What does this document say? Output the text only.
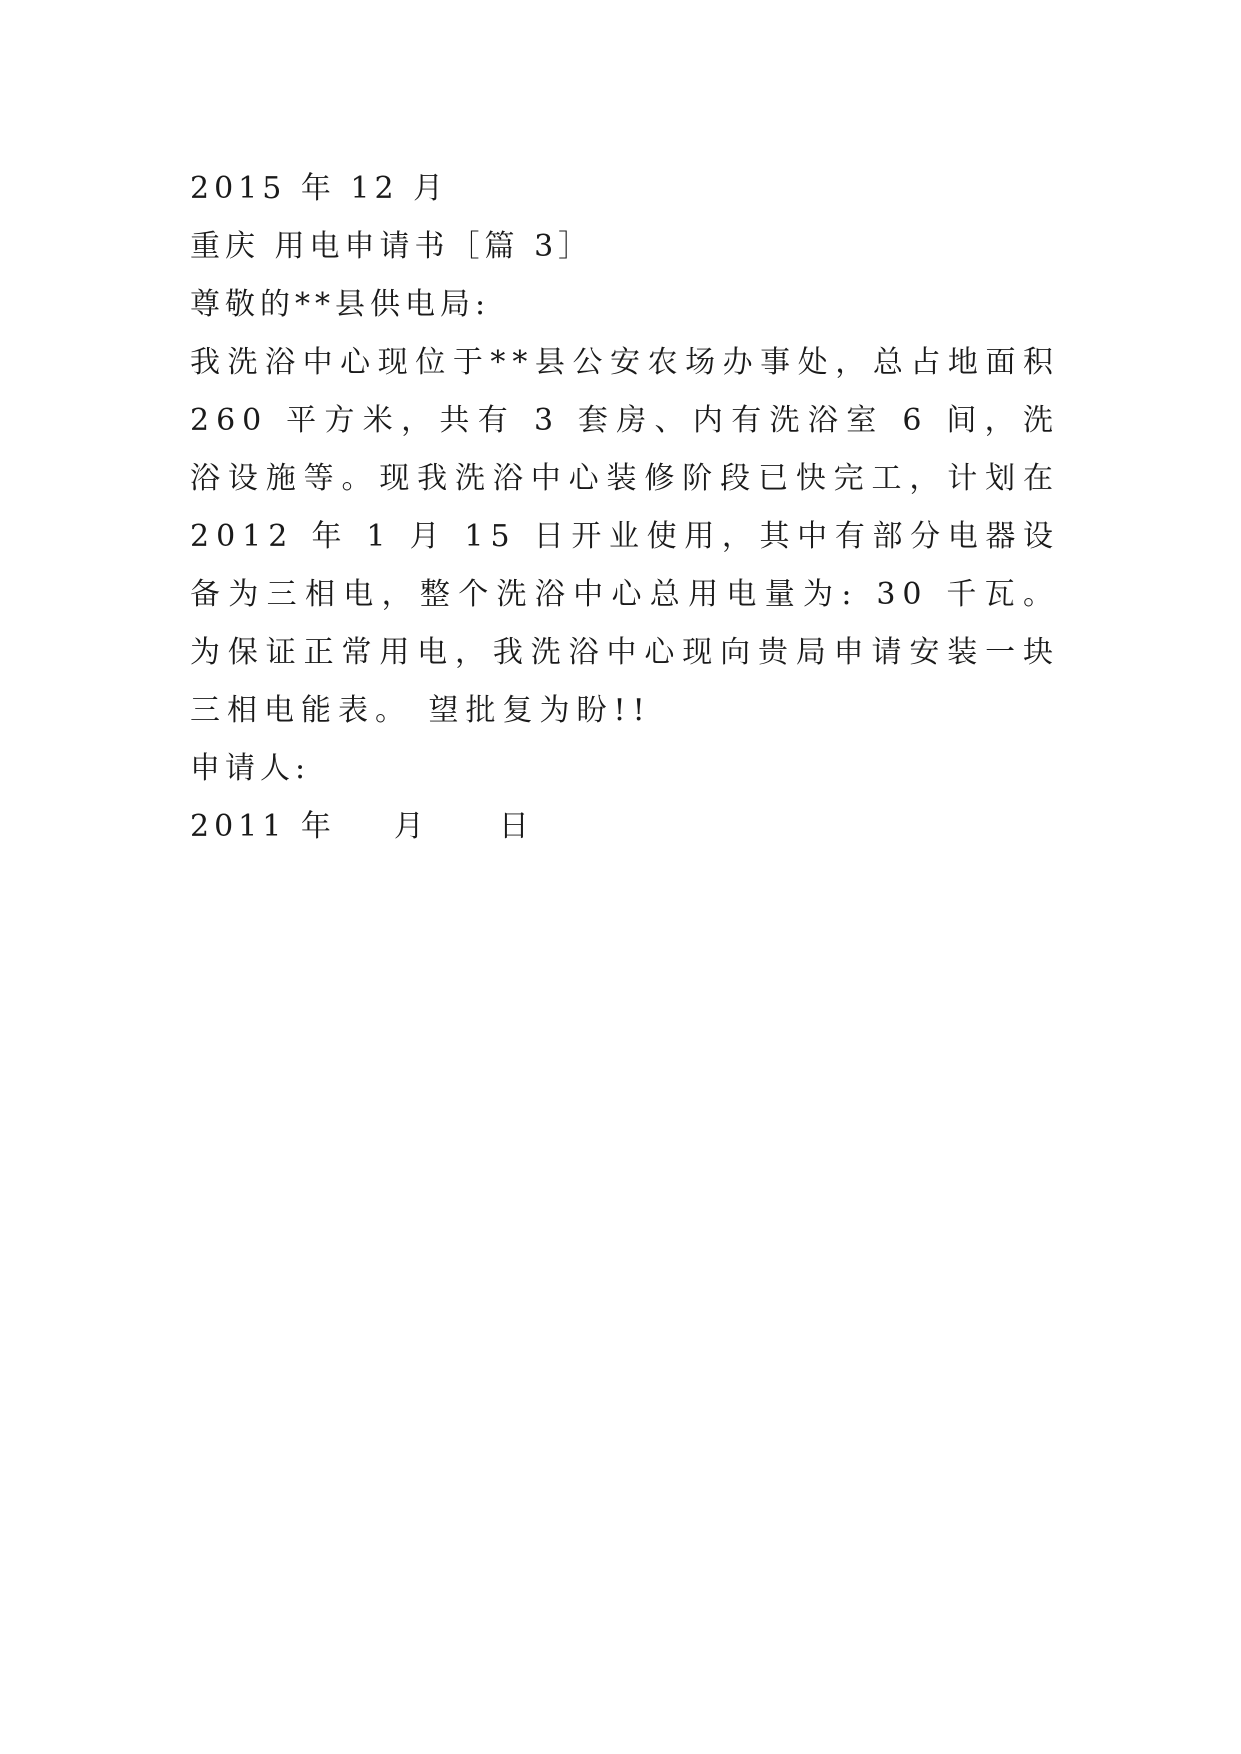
2015 年 12 月
重庆 用电申请书［篇 3］
尊敬的**县供电局:

我洗浴中心现位于**县公安农场办事处，总占地面积 260 平方米，共有 3 套房、内有洗浴室 6 间，洗浴设施等。现我洗浴中心装修阶段已快完工，计划在 2012 年 1 月 15 日开业使用，其中有部分电器设备为三相电，整个洗浴中心总用电量为: 30 千瓦。为保证正常用电，我洗浴中心现向贵局申请安装一块三相电能表。 望批复为盼!!

申请人:
2011 年 月 日
